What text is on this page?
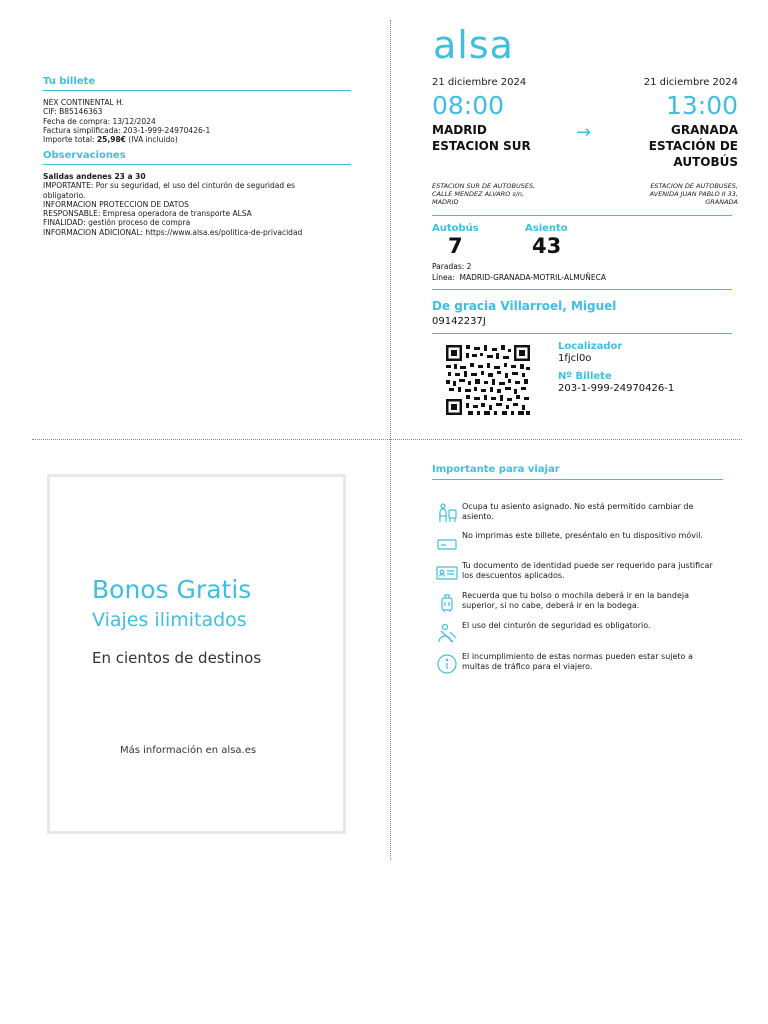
Tu billete
NEX CONTINENTAL H.
CIF: B85146363
Fecha de compra: 13/12/2024
Factura simplificada: 203-1-999-24970426-1
Importe total: 25,98€ (IVA incluido)
Observaciones
Salidas andenes 23 a 30
IMPORTANTE: Por su seguridad, el uso del cinturón de seguridad es
obligatorio.
INFORMACION PROTECCION DE DATOS
RESPONSABLE: Empresa operadora de transporte ALSA
FINALIDAD: gestión proceso de compra
INFORMACION ADICIONAL: https://www.alsa.es/politica-de-privacidad
alsa
21 diciembre 2024	21 diciembre 2024
08:00	13:00
MADRID
ESTACION SUR
→	GRANADA
ESTACIÓN DE
AUTOBÚS
ESTACION SUR DE AUTOBUSES,
CALLE MENDEZ ALVARO s/n,
MADRID
ESTACION DE AUTOBUSES,
AVENIDA JUAN PABLO II 33,
GRANADA
Autobús
7
Asiento
43
Paradas: 2
Línea: MADRID-GRANADA-MOTRIL-ALMUÑECA
De gracia Villarroel, Miguel
09142237J
Localizador
1fjcl0o
Nº Billete
203-1-999-24970426-1
Bonos Gratis
Viajes ilimitados
En cientos de destinos
Más información en alsa.es
Importante para viajar
Ocupa tu asiento asignado. No está permitido cambiar de
asiento.
No imprimas este billete, preséntalo en tu dispositivo móvil.
Tu documento de identidad puede ser requerido para justificar
los descuentos aplicados.
Recuerda que tu bolso o mochila deberá ir en la bandeja
superior, si no cabe, deberá ir en la bodega.
El uso del cinturón de seguridad es obligatorio.
El incumplimiento de estas normas pueden estar sujeto a
multas de tráfico para el viajero.
